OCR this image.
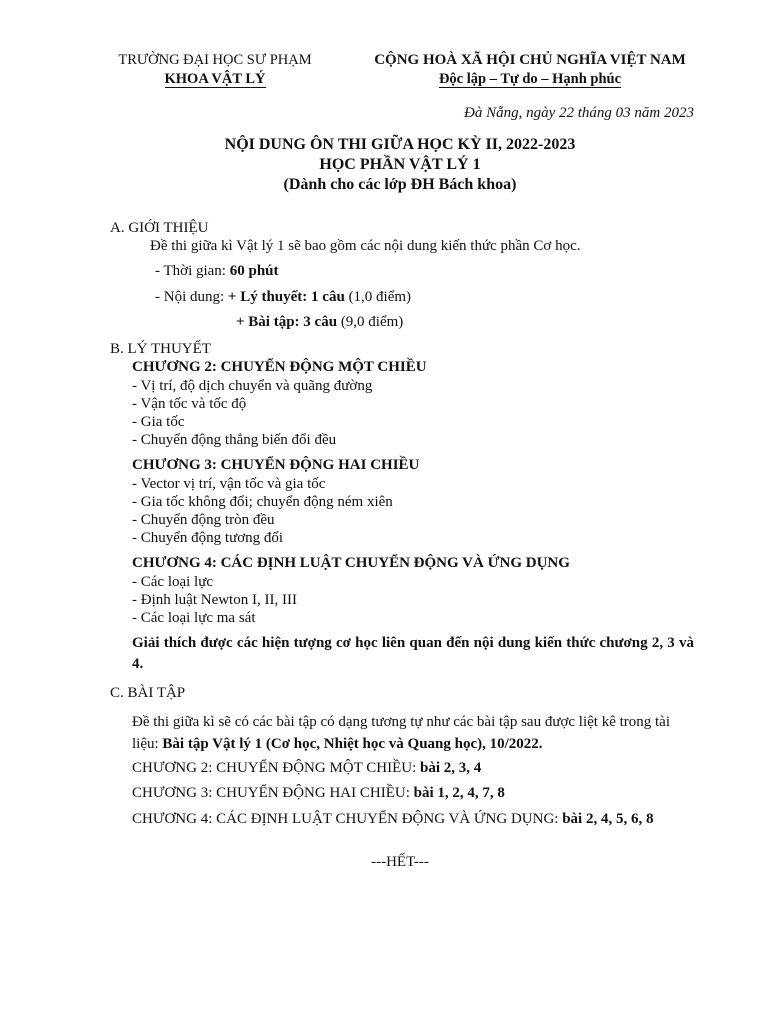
TRƯỜNG ĐẠI HỌC SƯ PHẠM
KHOA VẬT LÝ
CỘNG HOÀ XÃ HỘI CHỦ NGHĨA VIỆT NAM
Độc lập – Tự do – Hạnh phúc
Đà Nẵng, ngày 22 tháng 03 năm 2023
NỘI DUNG ÔN THI GIỮA HỌC KỲ II, 2022-2023
HỌC PHẦN VẬT LÝ 1
(Dành cho các lớp ĐH Bách khoa)
A. GIỚI THIỆU
Đề thi giữa kì Vật lý 1 sẽ bao gồm các nội dung kiến thức phần Cơ học.
- Thời gian: 60 phút
- Nội dung: + Lý thuyết: 1 câu (1,0 điểm)
+ Bài tập: 3 câu (9,0 điểm)
B. LÝ THUYẾT
CHƯƠNG 2: CHUYỂN ĐỘNG MỘT CHIỀU
- Vị trí, độ dịch chuyển và quãng đường
- Vận tốc và tốc độ
- Gia tốc
- Chuyển động thẳng biến đổi đều
CHƯƠNG 3: CHUYỂN ĐỘNG HAI CHIỀU
- Vector vị trí, vận tốc và gia tốc
- Gia tốc không đổi; chuyển động ném xiên
- Chuyển động tròn đều
- Chuyển động tương đối
CHƯƠNG 4: CÁC ĐỊNH LUẬT CHUYỂN ĐỘNG VÀ ỨNG DỤNG
- Các loại lực
- Định luật Newton I, II, III
- Các loại lực ma sát
Giải thích được các hiện tượng cơ học liên quan đến nội dung kiến thức chương 2, 3 và 4.
C. BÀI TẬP
Đề thi giữa kì sẽ có các bài tập có dạng tương tự như các bài tập sau được liệt kê trong tài liệu: Bài tập Vật lý 1 (Cơ học, Nhiệt học và Quang học), 10/2022.
CHƯƠNG 2: CHUYỂN ĐỘNG MỘT CHIỀU: bài 2, 3, 4
CHƯƠNG 3: CHUYỂN ĐỘNG HAI CHIỀU: bài 1, 2, 4, 7, 8
CHƯƠNG 4: CÁC ĐỊNH LUẬT CHUYỂN ĐỘNG VÀ ỨNG DỤNG: bài 2, 4, 5, 6, 8
---HẾT---
